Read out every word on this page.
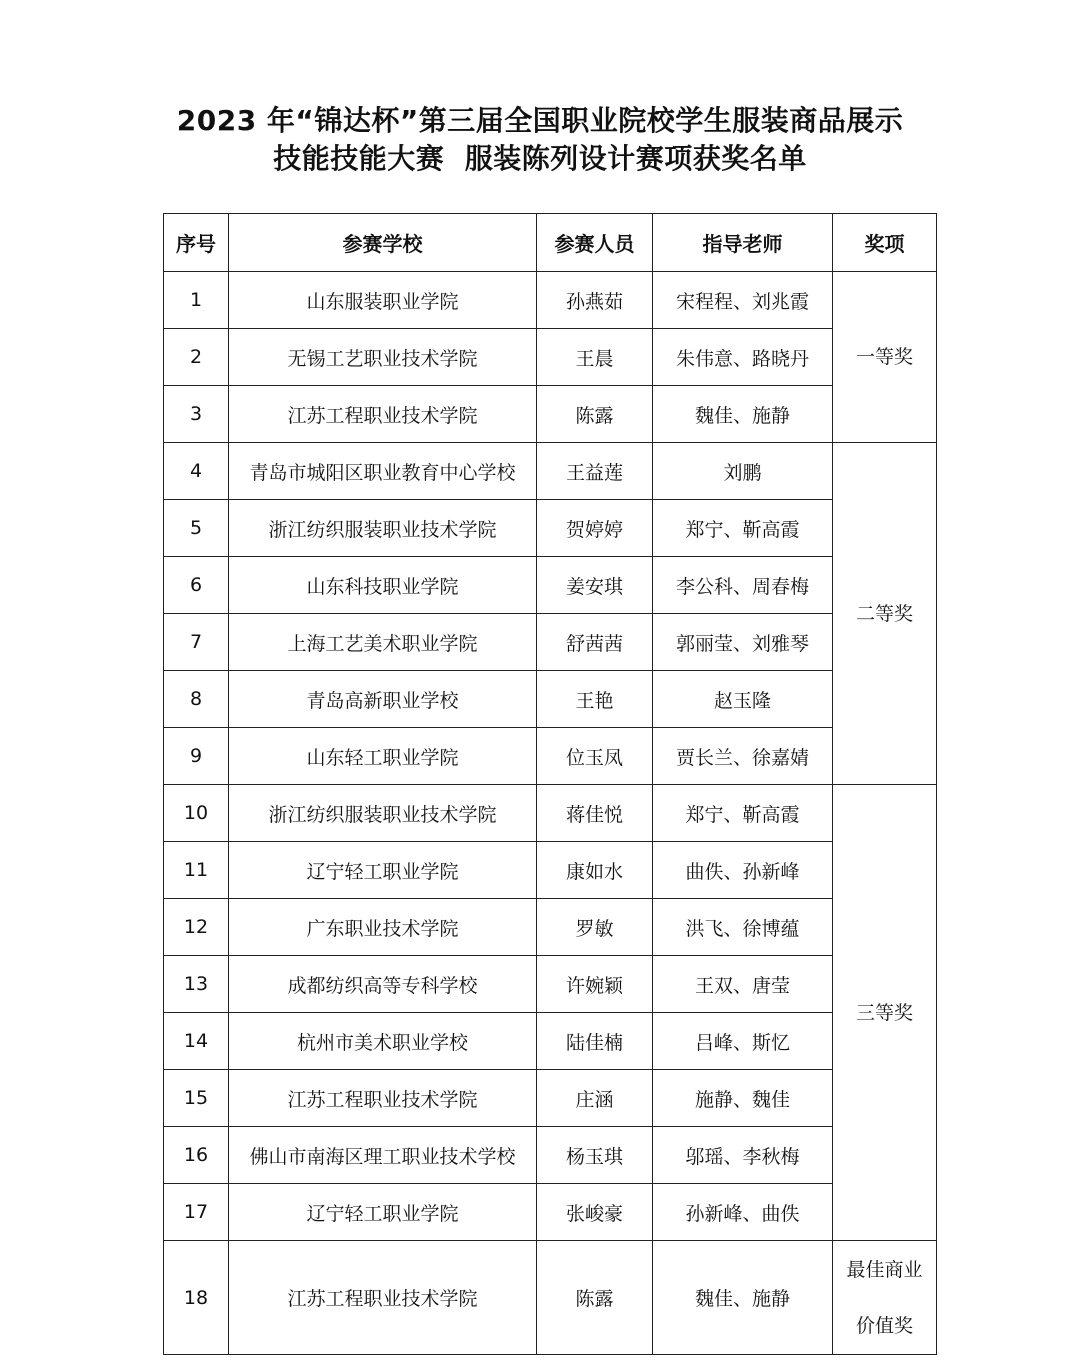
2023 年“锦达杯”第三届全国职业院校学生服装商品展示
技能技能大赛  服装陈列设计赛项获奖名单
序号	参赛学校	参赛人员	指导老师	奖项
1	山东服装职业学院	孙燕茹	宋程程、刘兆霞	一等奖
2	无锡工艺职业技术学院	王晨	朱伟意、路晓丹	
3	江苏工程职业技术学院	陈露	魏佳、施静	
4	青岛市城阳区职业教育中心学校	王益莲	刘鹏	二等奖
5	浙江纺织服装职业技术学院	贺婷婷	郑宁、靳高霞	
6	山东科技职业学院	姜安琪	李公科、周春梅	
7	上海工艺美术职业学院	舒茜茜	郭丽莹、刘雅琴	
8	青岛高新职业学校	王艳	赵玉隆	
9	山东轻工职业学院	位玉凤	贾长兰、徐嘉婧	
10	浙江纺织服装职业技术学院	蒋佳悦	郑宁、靳高霞	三等奖
11	辽宁轻工职业学院	康如水	曲佚、孙新峰	
12	广东职业技术学院	罗敏	洪飞、徐博蕴	
13	成都纺织高等专科学校	许婉颖	王双、唐莹	
14	杭州市美术职业学校	陆佳楠	吕峰、斯忆	
15	江苏工程职业技术学院	庄涵	施静、魏佳	
16	佛山市南海区理工职业技术学校	杨玉琪	邬瑶、李秋梅	
17	辽宁轻工职业学院	张峻豪	孙新峰、曲佚	
18	江苏工程职业技术学院	陈露	魏佳、施静	最佳商业
价值奖
